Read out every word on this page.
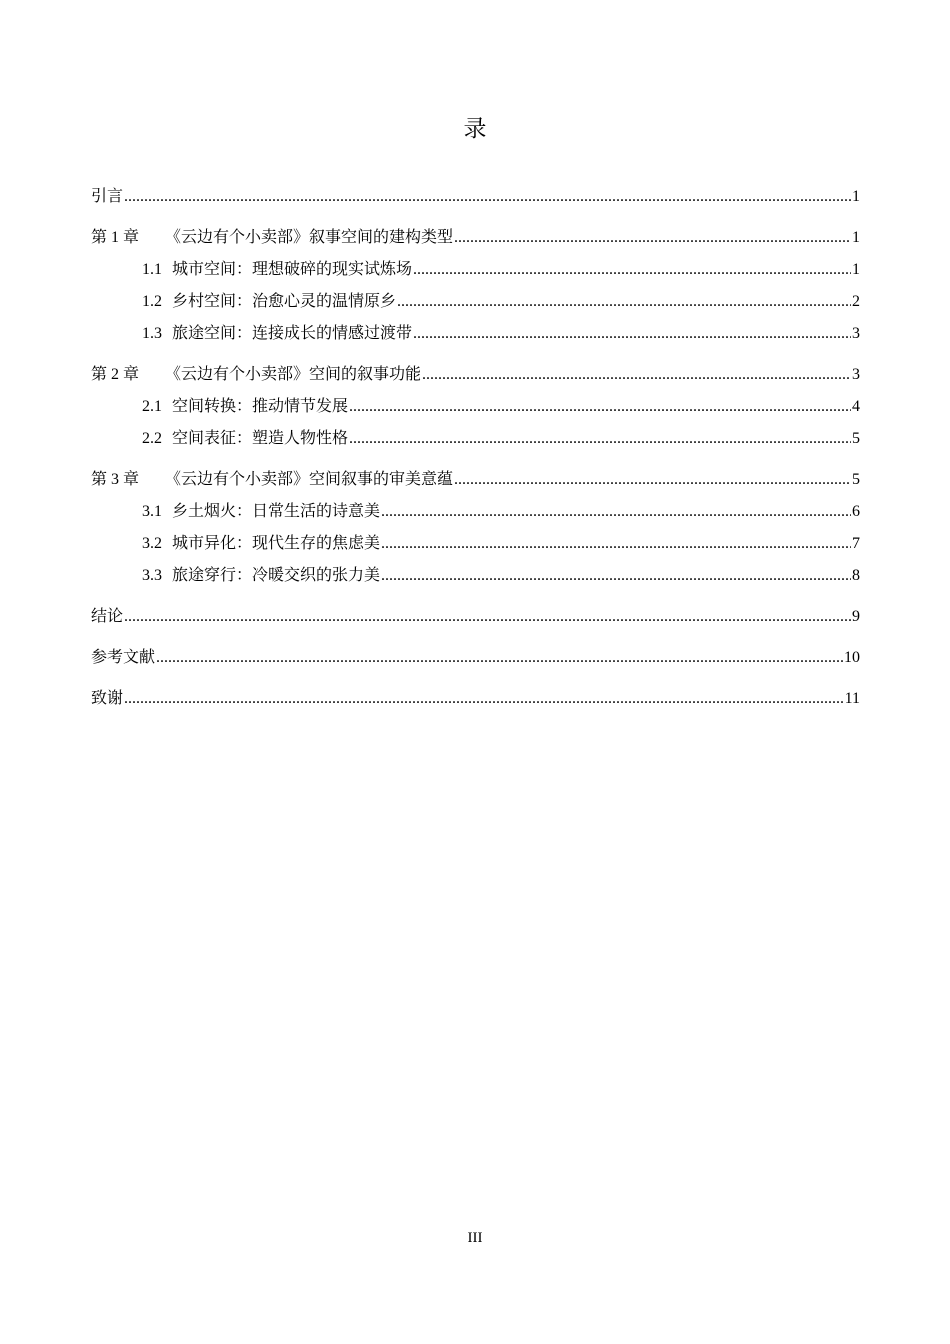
录
引言 .....	1
第 1 章 《云边有个小卖部》叙事空间的建构类型 .....	1
1.1 城市空间：理想破碎的现实试炼场 .....	1
1.2 乡村空间：治愈心灵的温情原乡 .....	2
1.3 旅途空间：连接成长的情感过渡带 .....	3
第 2 章 《云边有个小卖部》空间的叙事功能 .....	3
2.1 空间转换：推动情节发展 .....	4
2.2 空间表征：塑造人物性格 .....	5
第 3 章 《云边有个小卖部》空间叙事的审美意蕴 .....	5
3.1 乡土烟火：日常生活的诗意美 .....	6
3.2 城市异化：现代生存的焦虑美 .....	7
3.3 旅途穿行：冷暖交织的张力美 .....	8
结论 .....	9
参考文献 .....	10
致谢 .....	11
III
